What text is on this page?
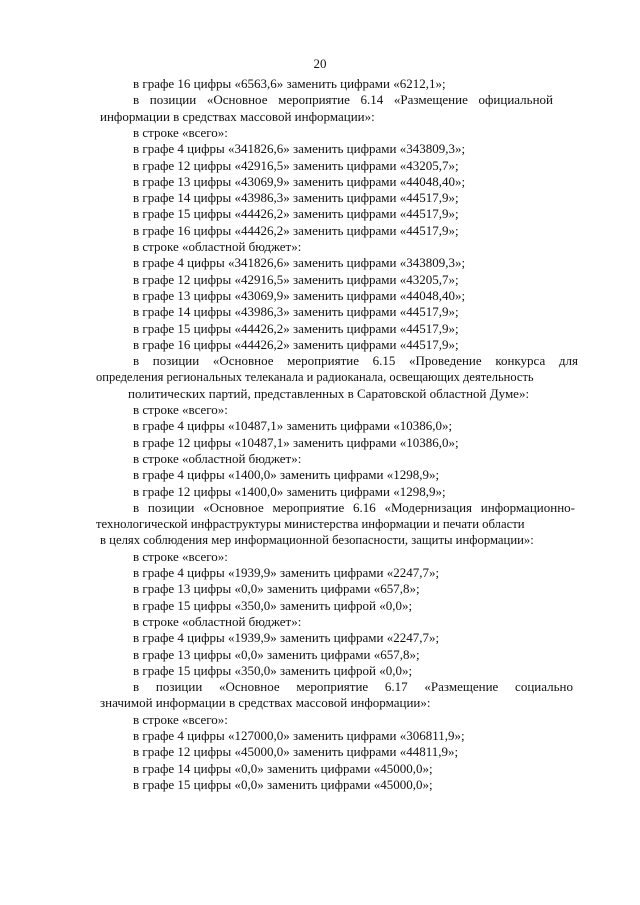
20
в графе 16 цифры «6563,6» заменить цифрами «6212,1»;
в позиции «Основное мероприятие 6.14 «Размещение официальной
информации в средствах массовой информации»:
в строке «всего»:
в графе 4 цифры «341826,6» заменить цифрами «343809,3»;
в графе 12 цифры «42916,5» заменить цифрами «43205,7»;
в графе 13 цифры «43069,9» заменить цифрами «44048,40»;
в графе 14 цифры «43986,3» заменить цифрами «44517,9»;
в графе 15 цифры «44426,2» заменить цифрами «44517,9»;
в графе 16 цифры «44426,2» заменить цифрами «44517,9»;
в строке «областной бюджет»:
в графе 4 цифры «341826,6» заменить цифрами «343809,3»;
в графе 12 цифры «42916,5» заменить цифрами «43205,7»;
в графе 13 цифры «43069,9» заменить цифрами «44048,40»;
в графе 14 цифры «43986,3» заменить цифрами «44517,9»;
в графе 15 цифры «44426,2» заменить цифрами «44517,9»;
в графе 16 цифры «44426,2» заменить цифрами «44517,9»;
в позиции «Основное мероприятие 6.15 «Проведение конкурса для
определения региональных телеканала и радиоканала, освещающих деятельность
политических партий, представленных в Саратовской областной Думе»:
в строке «всего»:
в графе 4 цифры «10487,1» заменить цифрами «10386,0»;
в графе 12 цифры «10487,1» заменить цифрами «10386,0»;
в строке «областной бюджет»:
в графе 4 цифры «1400,0» заменить цифрами «1298,9»;
в графе 12 цифры «1400,0» заменить цифрами «1298,9»;
в позиции «Основное мероприятие 6.16 «Модернизация информационно-
технологической инфраструктуры министерства информации и печати области
в целях соблюдения мер информационной безопасности, защиты информации»:
в строке «всего»:
в графе 4 цифры «1939,9» заменить цифрами «2247,7»;
в графе 13 цифры «0,0» заменить цифрами «657,8»;
в графе 15 цифры «350,0» заменить цифрой «0,0»;
в строке «областной бюджет»:
в графе 4 цифры «1939,9» заменить цифрами «2247,7»;
в графе 13 цифры «0,0» заменить цифрами «657,8»;
в графе 15 цифры «350,0» заменить цифрой «0,0»;
в позиции «Основное мероприятие 6.17 «Размещение социально
значимой информации в средствах массовой информации»:
в строке «всего»:
в графе 4 цифры «127000,0» заменить цифрами «306811,9»;
в графе 12 цифры «45000,0» заменить цифрами «44811,9»;
в графе 14 цифры «0,0» заменить цифрами «45000,0»;
в графе 15 цифры «0,0» заменить цифрами «45000,0»;
